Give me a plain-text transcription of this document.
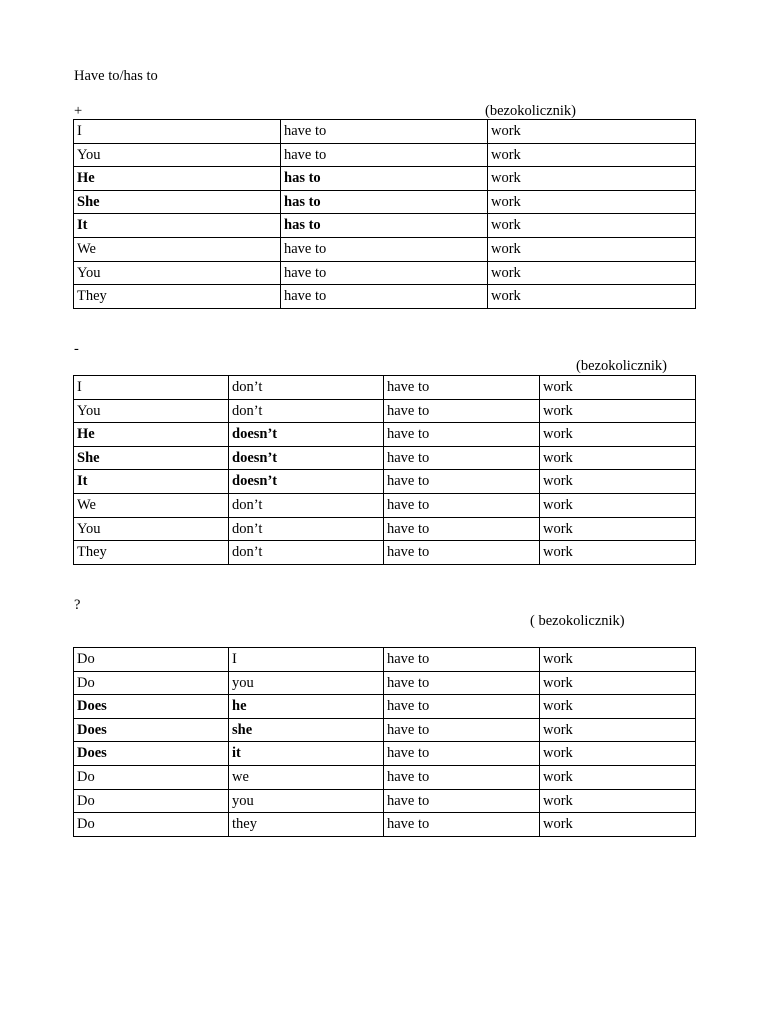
Have to/has to
+	(bezokolicznik)
I	have to	work
You	have to	work
He	has to	work
She	has to	work
It	has to	work
We	have to	work
You	have to	work
They	have to	work
-
(bezokolicznik)
I	don’t	have to	work
You	don’t	have to	work
He	doesn’t	have to	work
She	doesn’t	have to	work
It	doesn’t	have to	work
We	don’t	have to	work
You	don’t	have to	work
They	don’t	have to	work
?
( bezokolicznik)
Do	I	have to	work
Do	you	have to	work
Does	he	have to	work
Does	she	have to	work
Does	it	have to	work
Do	we	have to	work
Do	you	have to	work
Do	they	have to	work
